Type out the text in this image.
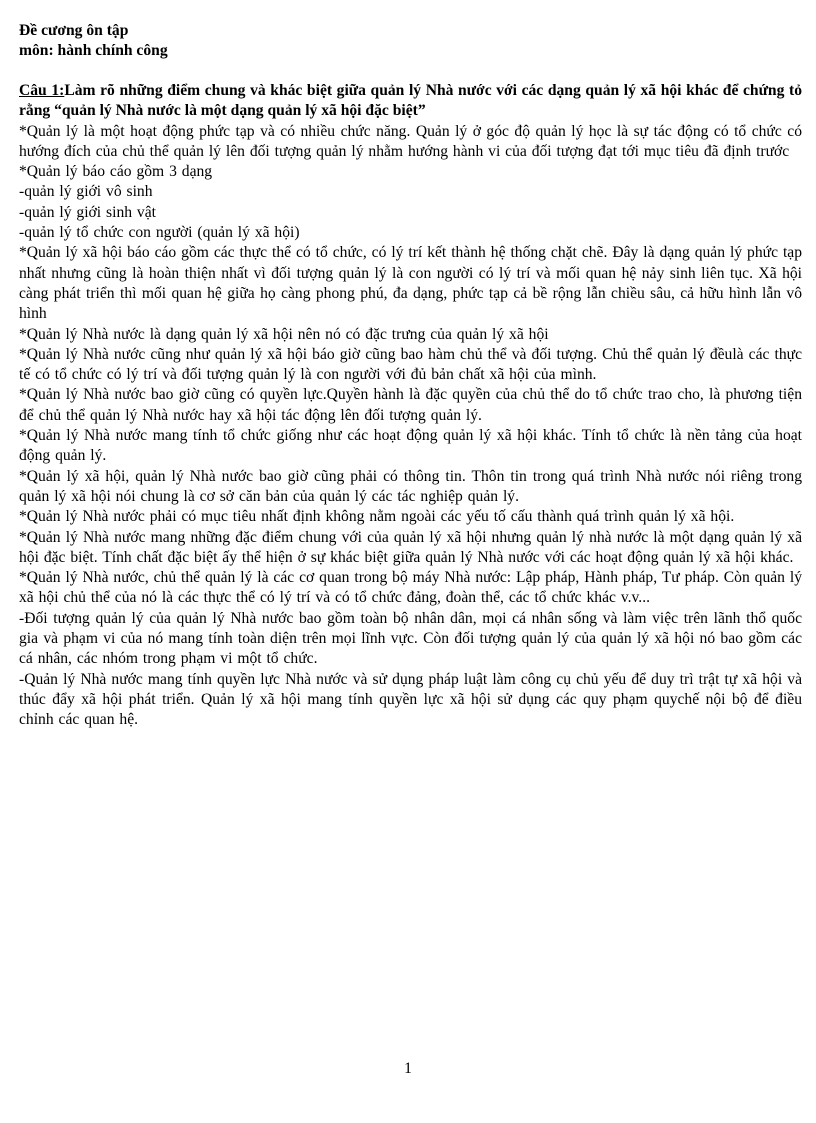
Đề cương ôn tập
môn: hành chính công

Câu 1:Làm rõ những điểm chung và khác biệt giữa quản lý Nhà nước với các dạng quản lý xã hội khác để chứng tỏ rằng “quản lý Nhà nước là một dạng quản lý xã hội đặc biệt”

*Quản lý là một hoạt động phức tạp và có nhiều chức năng. Quản lý ở góc độ quản lý học là sự tác động có tổ chức có hướng đích của chủ thể quản lý lên đối tượng quản lý nhằm hướng hành vi của đối tượng đạt tới mục tiêu đã định trước

*Quản lý báo cáo gồm 3 dạng

-quản lý giới vô sinh

-quản lý giới sinh vật

-quản lý tổ chức con người (quản lý xã hội)

*Quản lý xã hội báo cáo gồm các thực thể có tổ chức, có lý trí kết thành hệ thống chặt chẽ. Đây là dạng quản lý phức tạp nhất nhưng cũng là hoàn thiện nhất vì đối tượng quản lý là con người có lý trí và mối quan hệ nảy sinh liên tục. Xã hội càng phát triển thì mối quan hệ giữa họ càng phong phú, đa dạng, phức tạp cả bề rộng lẫn chiều sâu, cả hữu hình lẫn vô hình

*Quản lý Nhà nước là dạng quản lý xã hội nên nó có đặc trưng của quản lý xã hội

*Quản lý Nhà nước cũng như quản lý xã hội báo giờ cũng bao hàm chủ thể và đối tượng. Chủ thể quản lý đềulà các thực tế có tổ chức có lý trí và đối tượng quản lý là con người với đủ bản chất xã hội của mình.

*Quản lý Nhà nước bao giờ cũng có quyền lực.Quyền hành là đặc quyền của chủ thể do tổ chức trao cho, là phương tiện để chủ thể quản lý Nhà nước hay xã hội tác động lên đối tượng quản lý.

*Quản lý Nhà nước mang tính tổ chức giống như các hoạt động quản lý xã hội khác. Tính tổ chức là nền tảng của hoạt động quản lý.

*Quản lý xã hội, quản lý Nhà nước bao giờ cũng phải có thông tin. Thôn tin trong quá trình Nhà nước nói riêng trong quản lý xã hội nói chung là cơ sở căn bản của quản lý các tác nghiệp quản lý.

*Quản lý Nhà nước phải có mục tiêu nhất định không nằm ngoài các yếu tố cấu thành quá trình quản lý xã hội.

*Quản lý Nhà nước mang những đặc điểm chung với của quản lý xã hội nhưng quản lý nhà nước là một dạng quản lý xã hội đặc biệt. Tính chất đặc biệt ấy thể hiện ở sự khác biệt giữa quản lý Nhà nước với các hoạt động quản lý xã hội khác.

*Quản lý Nhà nước, chủ thể quản lý là các cơ quan trong bộ máy Nhà nước: Lập pháp, Hành pháp, Tư pháp. Còn quản lý xã hội chủ thể của nó là các thực thể có lý trí và có tổ chức đảng, đoàn thể, các tổ chức khác v.v...

-Đối tượng quản lý của quản lý Nhà nước bao gồm toàn bộ nhân dân, mọi cá nhân sống và làm việc trên lãnh thổ quốc gia và phạm vi của nó mang tính toàn diện trên mọi lĩnh vực. Còn đối tượng quản lý của quản lý xã hội nó bao gồm các cá nhân, các nhóm trong phạm vi một tổ chức.

-Quản lý Nhà nước mang tính quyền lực Nhà nước và sử dụng pháp luật làm công cụ chủ yếu để duy trì trật tự xã hội và thúc đẩy xã hội phát triển. Quản lý xã hội mang tính quyền lực xã hội sử dụng các quy phạm quychế nội bộ để điều chỉnh các quan hệ.

1
